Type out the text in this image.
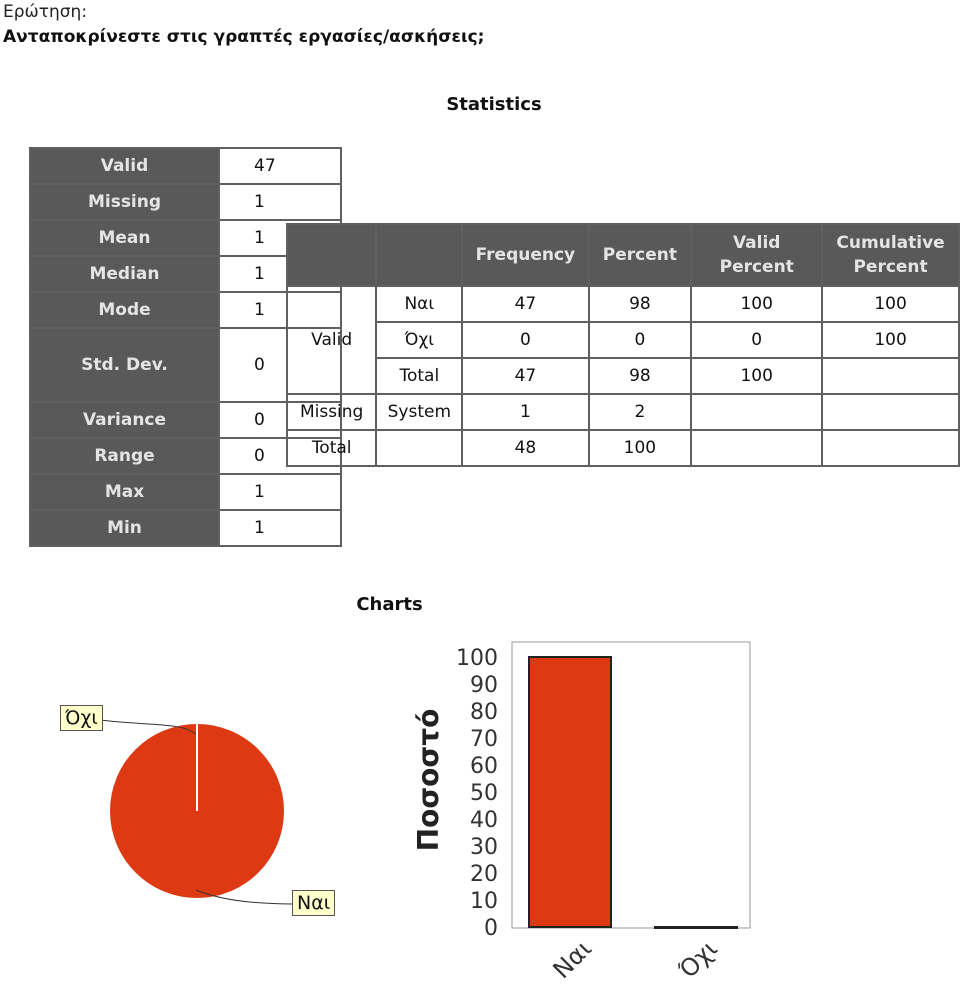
Ερώτηση:
Ανταποκρίνεστε στις γραπτές εργασίες/ασκήσεις;
Statistics
Valid	47
Missing	1
Mean	1
Median	1
Mode	1
Std. Dev.	0
Variance	0
Range	0
Max	1
Min	1
		Frequency	Percent	Valid Percent	Cumulative Percent
Valid	Ναι	47	98	100	100
	Όχι	0	0	0	100
	Total	47	98	100	
Missing	System	1	2		
Total		48	100		
Charts
Όχι
Ναι
Ποσοστό
0
10
20
30
40
50
60
70
80
90
100
Ναι	Όχι
